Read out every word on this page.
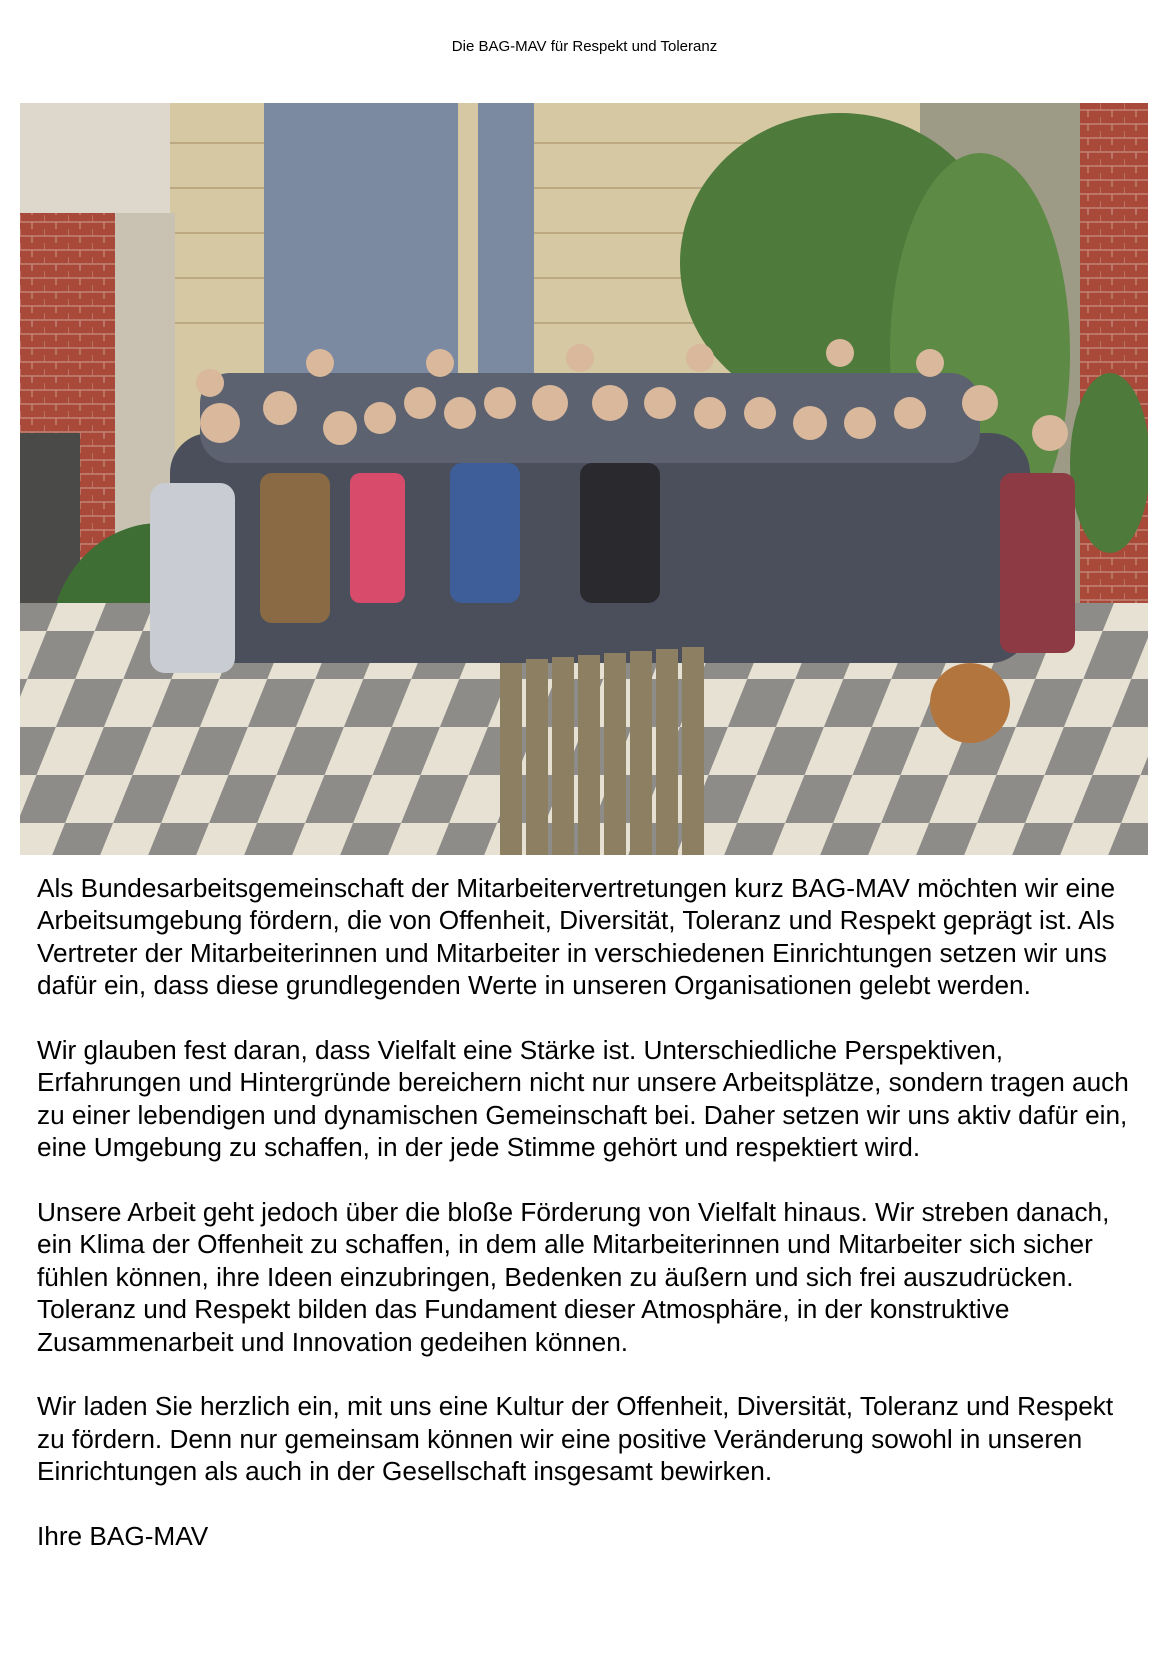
Die BAG-MAV für Respekt und Toleranz

Als Bundesarbeitsgemeinschaft der Mitarbeitervertretungen kurz BAG-MAV möchten wir eine Arbeitsumgebung fördern, die von Offenheit, Diversität, Toleranz und Respekt geprägt ist. Als Vertreter der Mitarbeiterinnen und Mitarbeiter in verschiedenen Einrichtungen setzen wir uns dafür ein, dass diese grundlegenden Werte in unseren Organisationen gelebt werden.

Wir glauben fest daran, dass Vielfalt eine Stärke ist. Unterschiedliche Perspektiven, Erfahrungen und Hintergründe bereichern nicht nur unsere Arbeitsplätze, sondern tragen auch zu einer lebendigen und dynamischen Gemeinschaft bei. Daher setzen wir uns aktiv dafür ein, eine Umgebung zu schaffen, in der jede Stimme gehört und respektiert wird.

Unsere Arbeit geht jedoch über die bloße Förderung von Vielfalt hinaus. Wir streben danach, ein Klima der Offenheit zu schaffen, in dem alle Mitarbeiterinnen und Mitarbeiter sich sicher fühlen können, ihre Ideen einzubringen, Bedenken zu äußern und sich frei auszudrücken. Toleranz und Respekt bilden das Fundament dieser Atmosphäre, in der konstruktive Zusammenarbeit und Innovation gedeihen können.

Wir laden Sie herzlich ein, mit uns eine Kultur der Offenheit, Diversität, Toleranz und Respekt zu fördern. Denn nur gemeinsam können wir eine positive Veränderung sowohl in unseren Einrichtungen als auch in der Gesellschaft insgesamt bewirken.

Ihre BAG-MAV
